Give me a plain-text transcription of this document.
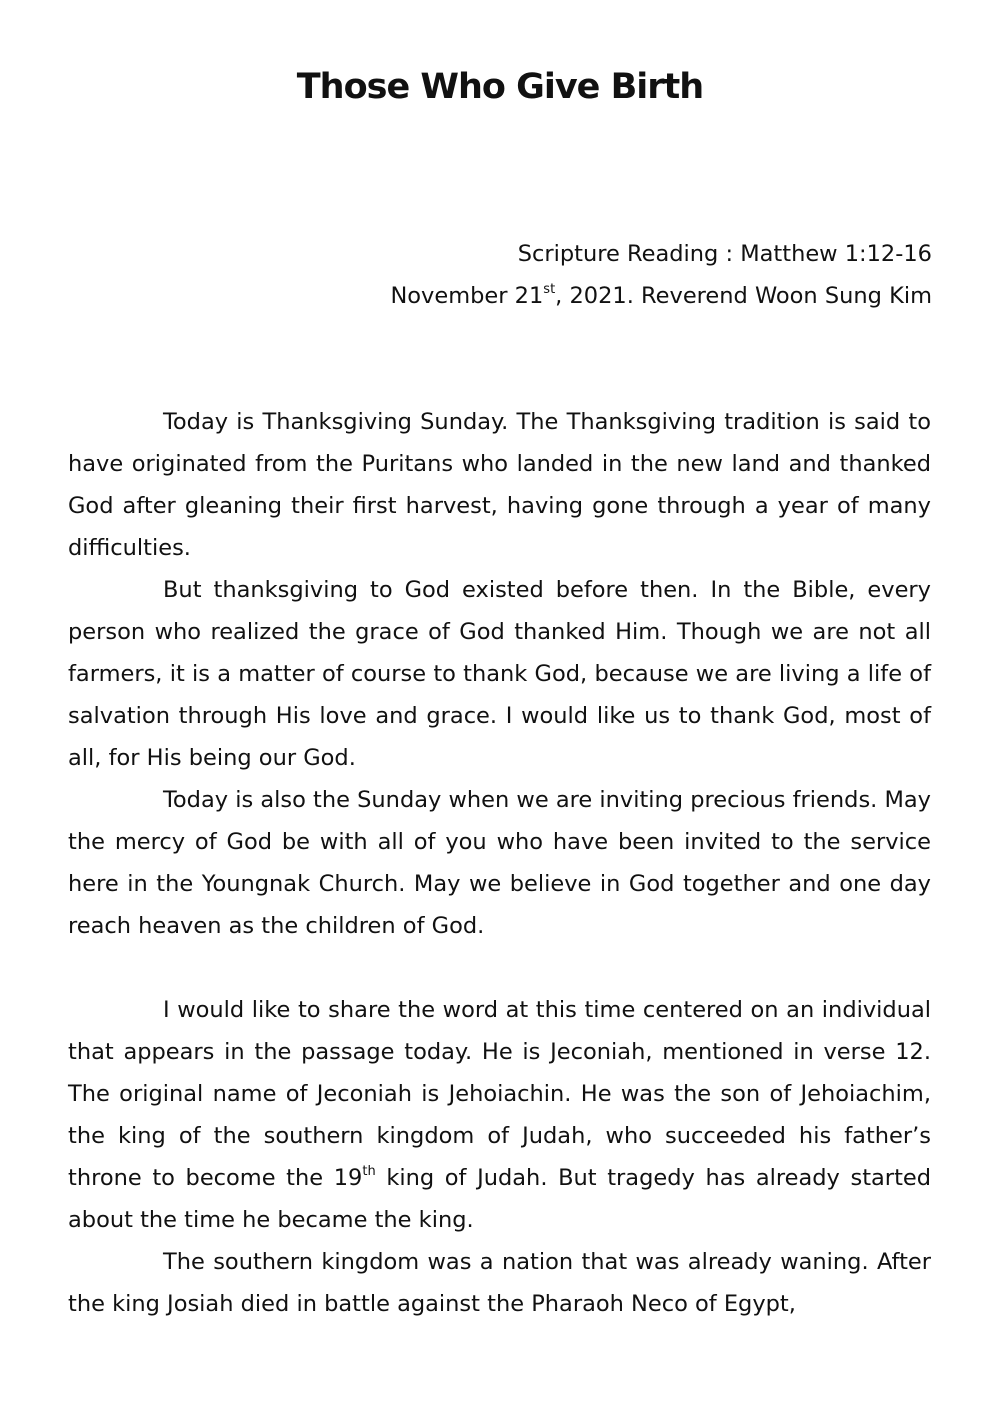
Those Who Give Birth
Scripture Reading : Matthew 1:12-16
November 21st, 2021. Reverend Woon Sung Kim

Today is Thanksgiving Sunday. The Thanksgiving tradition is said to have originated from the Puritans who landed in the new land and thanked God after gleaning their first harvest, having gone through a year of many difficulties.

But thanksgiving to God existed before then. In the Bible, every person who realized the grace of God thanked Him. Though we are not all farmers, it is a matter of course to thank God, because we are living a life of salvation through His love and grace. I would like us to thank God, most of all, for His being our God.

Today is also the Sunday when we are inviting precious friends. May the mercy of God be with all of you who have been invited to the service here in the Youngnak Church. May we believe in God together and one day reach heaven as the children of God.

I would like to share the word at this time centered on an individual that appears in the passage today. He is Jeconiah, mentioned in verse 12. The original name of Jeconiah is Jehoiachin. He was the son of Jehoiachim, the king of the southern kingdom of Judah, who succeeded his father’s throne to become the 19th king of Judah. But tragedy has already started about the time he became the king.

The southern kingdom was a nation that was already waning. After the king Josiah died in battle against the Pharaoh Neco of Egypt,
